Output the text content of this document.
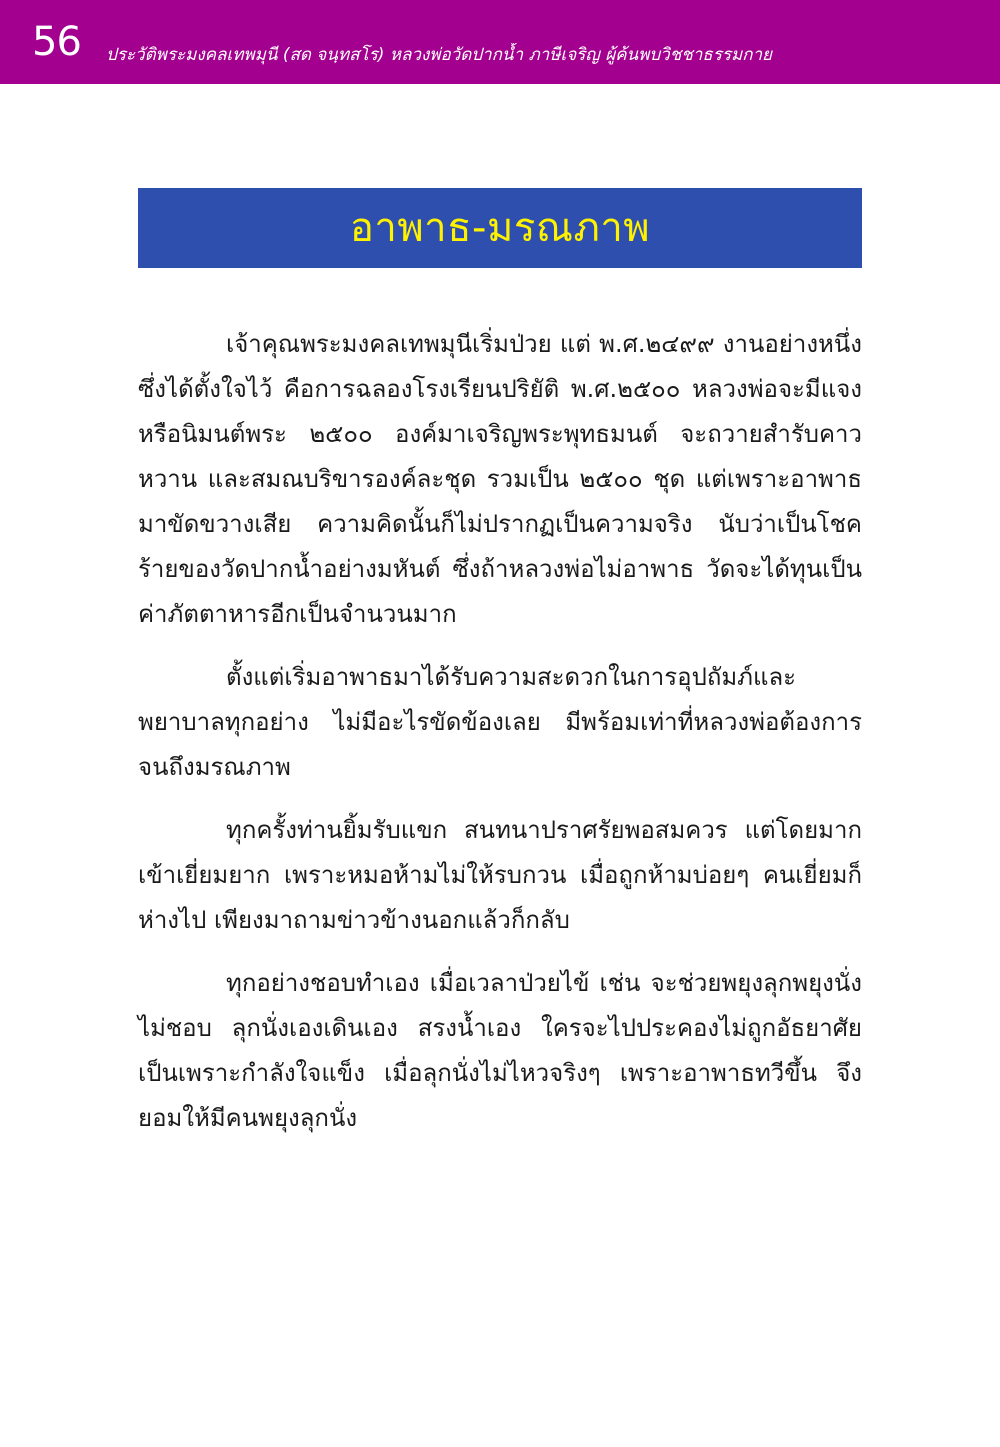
56 ประวัติพระมงคลเทพมุนี (สด จนฺทสโร) หลวงพ่อวัดปากน้ำ ภาษีเจริญ ผู้ค้นพบวิชชาธรรมกาย
อาพาธ-มรณภาพ

เจ้าคุณพระมงคลเทพมุนีเริ่มป่วย แต่ พ.ศ.๒๔๙๙ งานอย่างหนึ่งซึ่งได้ตั้งใจไว้ คือการฉลองโรงเรียนปริยัติ พ.ศ.๒๕๐๐ หลวงพ่อจะมีแจง หรือนิมนต์พระ ๒๕๐๐ องค์มาเจริญพระพุทธมนต์ จะถวายสำรับคาวหวาน และสมณบริขารองค์ละชุด รวมเป็น ๒๕๐๐ ชุด แต่เพราะอาพาธมาขัดขวางเสีย ความคิดนั้นก็ไม่ปรากฏเป็นความจริง นับว่าเป็นโชคร้ายของวัดปากน้ำอย่างมหันต์ ซึ่งถ้าหลวงพ่อไม่อาพาธ วัดจะได้ทุนเป็นค่าภัตตาหารอีกเป็นจำนวนมาก

ตั้งแต่เริ่มอาพาธมาได้รับความสะดวกในการอุปถัมภ์และพยาบาลทุกอย่าง ไม่มีอะไรขัดข้องเลย มีพร้อมเท่าที่หลวงพ่อต้องการจนถึงมรณภาพ

ทุกครั้งท่านยิ้มรับแขก สนทนาปราศรัยพอสมควร แต่โดยมากเข้าเยี่ยมยาก เพราะหมอห้ามไม่ให้รบกวน เมื่อถูกห้ามบ่อยๆ คนเยี่ยมก็ห่างไป เพียงมาถามข่าวข้างนอกแล้วก็กลับ

ทุกอย่างชอบทำเอง เมื่อเวลาป่วยไข้ เช่น จะช่วยพยุงลุกพยุงนั่ง ไม่ชอบ ลุกนั่งเองเดินเอง สรงน้ำเอง ใครจะไปประคองไม่ถูกอัธยาศัย เป็นเพราะกำลังใจแข็ง เมื่อลุกนั่งไม่ไหวจริงๆ เพราะอาพาธทวีขึ้น จึงยอมให้มีคนพยุงลุกนั่ง
